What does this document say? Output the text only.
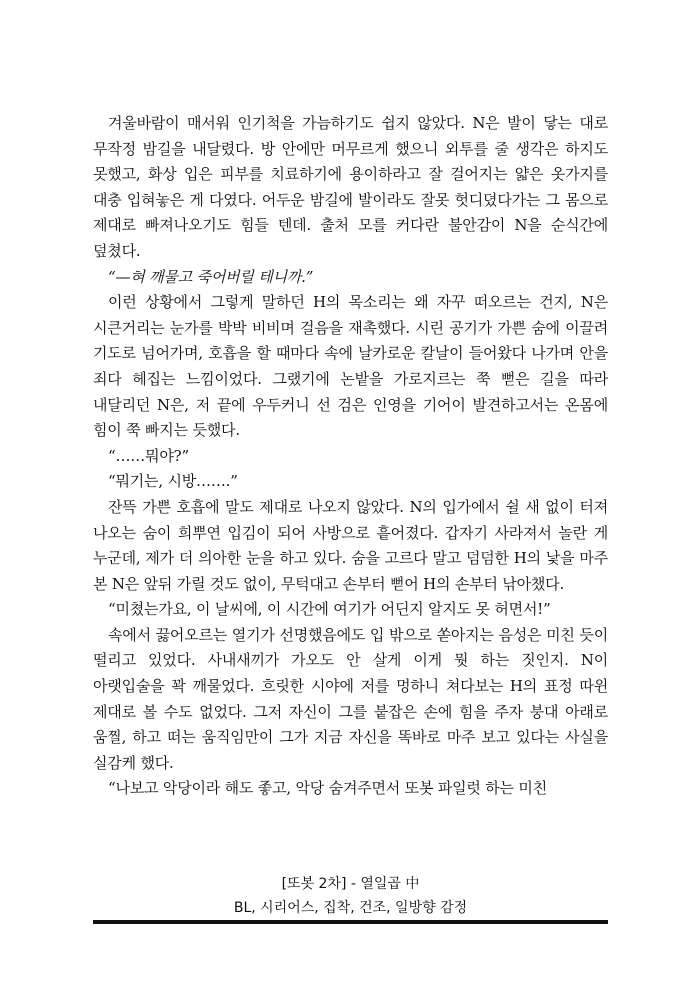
겨울바람이 매서워 인기척을 가늠하기도 쉽지 않았다. N은 발이 닿는 대로 무작정 밤길을 내달렸다. 방 안에만 머무르게 했으니 외투를 줄 생각은 하지도 못했고, 화상 입은 피부를 치료하기에 용이하라고 잘 걸어지는 얇은 옷가지를 대충 입혀놓은 게 다였다. 어두운 밤길에 발이라도 잘못 헛디뎠다가는 그 몸으로 제대로 빠져나오기도 힘들 텐데. 출처 모를 커다란 불안감이 N을 순식간에 덮쳤다.

“—혀 깨물고 죽어버릴 테니까.”

이런 상황에서 그렇게 말하던 H의 목소리는 왜 자꾸 떠오르는 건지, N은 시큰거리는 눈가를 박박 비비며 걸음을 재촉했다. 시린 공기가 가쁜 숨에 이끌려 기도로 넘어가며, 호흡을 할 때마다 속에 날카로운 칼날이 들어왔다 나가며 안을 죄다 헤집는 느낌이었다. 그랬기에 논밭을 가로지르는 쭉 뻗은 길을 따라 내달리던 N은, 저 끝에 우두커니 선 검은 인영을 기어이 발견하고서는 온몸에 힘이 쭉 빠지는 듯했다.

“……뭐야?”

“뭐기는, 시방…….”

잔뜩 가쁜 호흡에 말도 제대로 나오지 않았다. N의 입가에서 쉴 새 없이 터져 나오는 숨이 희뿌연 입김이 되어 사방으로 흩어졌다. 갑자기 사라져서 놀란 게 누군데, 제가 더 의아한 눈을 하고 있다. 숨을 고르다 말고 덤덤한 H의 낯을 마주 본 N은 앞뒤 가릴 것도 없이, 무턱대고 손부터 뻗어 H의 손부터 낚아챘다.

“미쳤는가요, 이 날씨에, 이 시간에 여기가 어딘지 알지도 못 허면서!”

속에서 끓어오르는 열기가 선명했음에도 입 밖으로 쏟아지는 음성은 미친 듯이 떨리고 있었다. 사내새끼가 가오도 안 살게 이게 뭣 하는 짓인지. N이 아랫입술을 꽉 깨물었다. 흐릿한 시야에 저를 멍하니 쳐다보는 H의 표정 따윈 제대로 볼 수도 없었다. 그저 자신이 그를 붙잡은 손에 힘을 주자 붕대 아래로 움찔, 하고 떠는 움직임만이 그가 지금 자신을 똑바로 마주 보고 있다는 사실을 실감케 했다.

“나보고 악당이라 해도 좋고, 악당 숨겨주면서 또봇 파일럿 하는 미친

[또봇 2차] - 열일곱 中
BL, 시리어스, 집착, 건조, 일방향 감정
